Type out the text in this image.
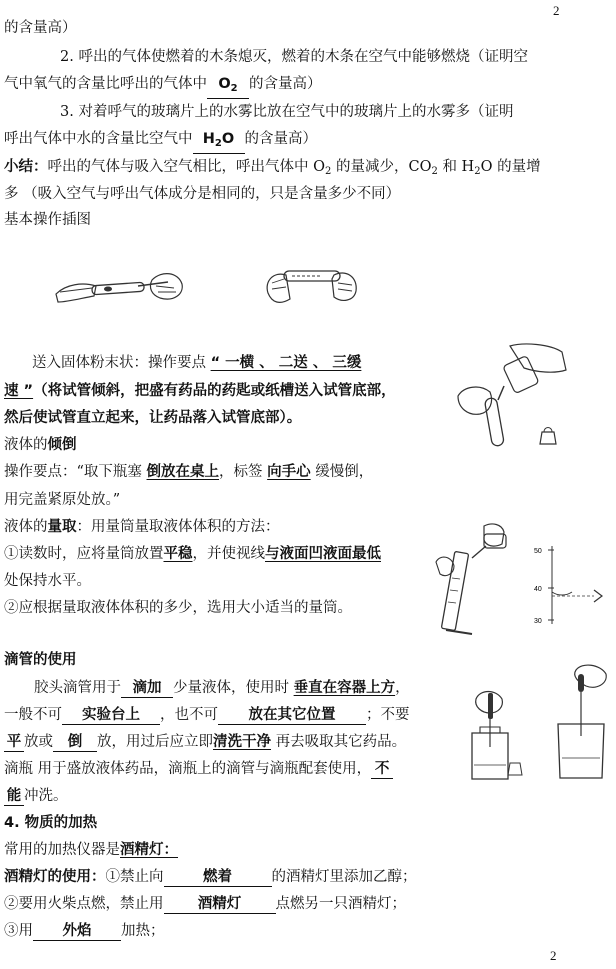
2
的含量高）
2. 呼出的气体使燃着的木条熄灭，燃着的木条在空气中能够燃烧（证明空
气中氧气的含量比呼出的气体中 $O_2$ 的含量高）
3. 对着呼气的玻璃片上的水雾比放在空气中的玻璃片上的水雾多（证明
呼出气体中水的含量比空气中 $H_2O$ 的含量高）
小结：呼出的气体与吸入空气相比，呼出气体中 $O_2$ 的量减少，$CO_2$ 和 $H_2O$ 的量增
多 （吸入空气与呼出气体成分是相同的，只是含量多少不同）
基本操作插图
送入固体粉末状：操作要点 “ 一横 、 二送 、 三缓
速 ”（将试管倾斜，把盛有药品的药匙或纸槽送入试管底部，
然后使试管直立起来，让药品落入试管底部）。
液体的倾倒
操作要点：“取下瓶塞 倒放在桌上，标签 向手心 缓慢倒，
用完盖紧原处放。”
液体的量取：用量筒量取液体体积的方法：
①读数时，应将量筒放置平稳，并使视线与液面凹液面最低
处保持水平。
②应根据量取液体体积的多少，选用大小适当的量筒。
50
40
30
滴管的使用
胶头滴管用于 滴加 少量液体，使用时 垂直在容器上方，
一般不可 实验台上 ，也不可 放在其它位置 ；不要
平 放或 倒 放，用过后应立即清洗干净 再去吸取其它药品。
滴瓶 用于盛放液体药品，滴瓶上的滴管与滴瓶配套使用， 不
能 冲洗。
4. 物质的加热
常用的加热仪器是酒精灯：
酒精灯的使用：①禁止向	燃着	的酒精灯里添加乙醇；
②要用火柴点燃，禁止用 酒精灯 点燃另一只酒精灯；
③用 外焰 加热；
2
